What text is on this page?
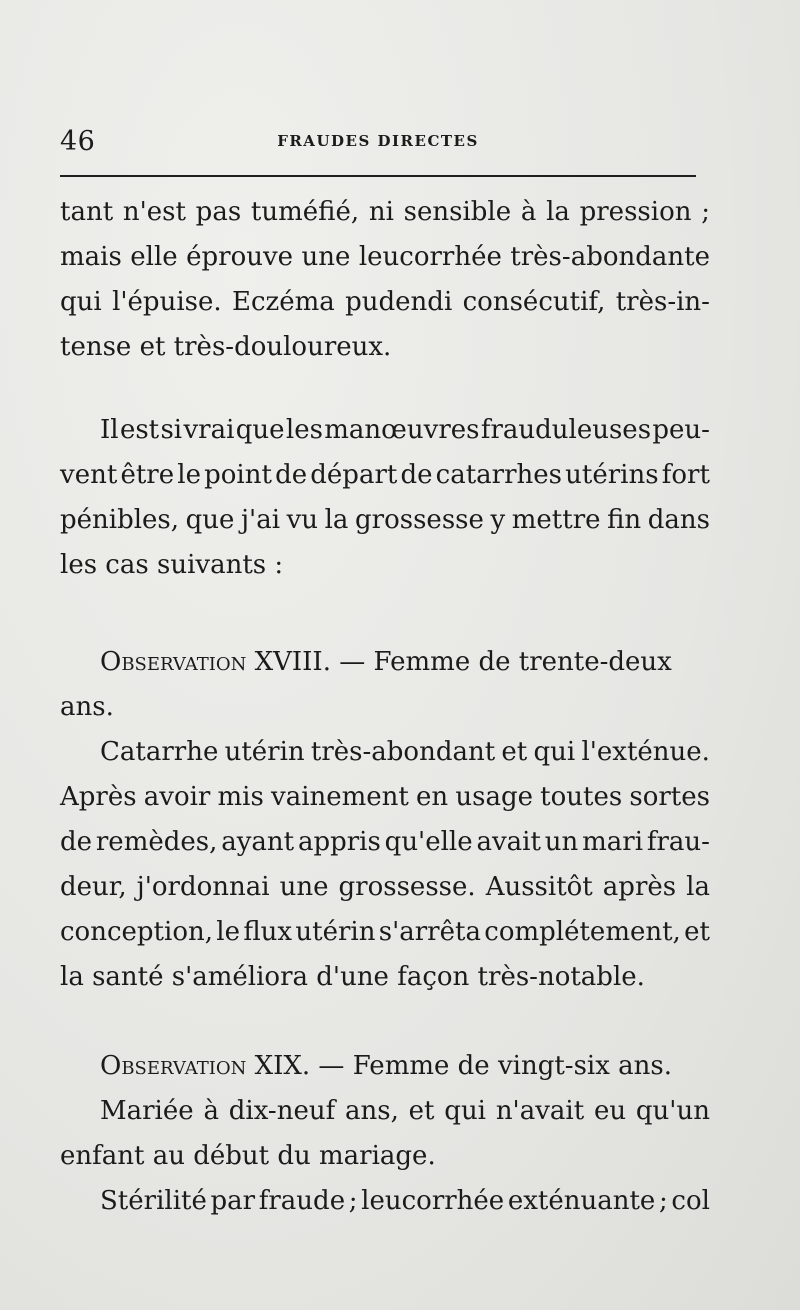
46	FRAUDES DIRECTES
tant n'est pas tuméfié, ni sensible à la pression ;
mais elle éprouve une leucorrhée très-abondante
qui l'épuise. Eczéma pudendi consécutif, très-in-
tense et très-douloureux.
Il est si vrai que les manœuvres frauduleuses peu-
vent être le point de départ de catarrhes utérins fort
pénibles, que j'ai vu la grossesse y mettre fin dans
les cas suivants :
Observation
XVIII. — Femme de trente-deux
ans.
Catarrhe utérin très-abondant et qui l'exténue.
Après avoir mis vainement en usage toutes sortes
de remèdes, ayant appris qu'elle avait un mari frau-
deur, j'ordonnai une grossesse. Aussitôt après la
conception, le flux utérin s'arrêta complétement, et
la santé s'améliora d'une façon très-notable.
Observation
XIX. — Femme de vingt-six ans.
Mariée à dix-neuf ans, et qui n'avait eu qu'un
enfant au début du mariage.
Stérilité par fraude ; leucorrhée exténuante ; col
